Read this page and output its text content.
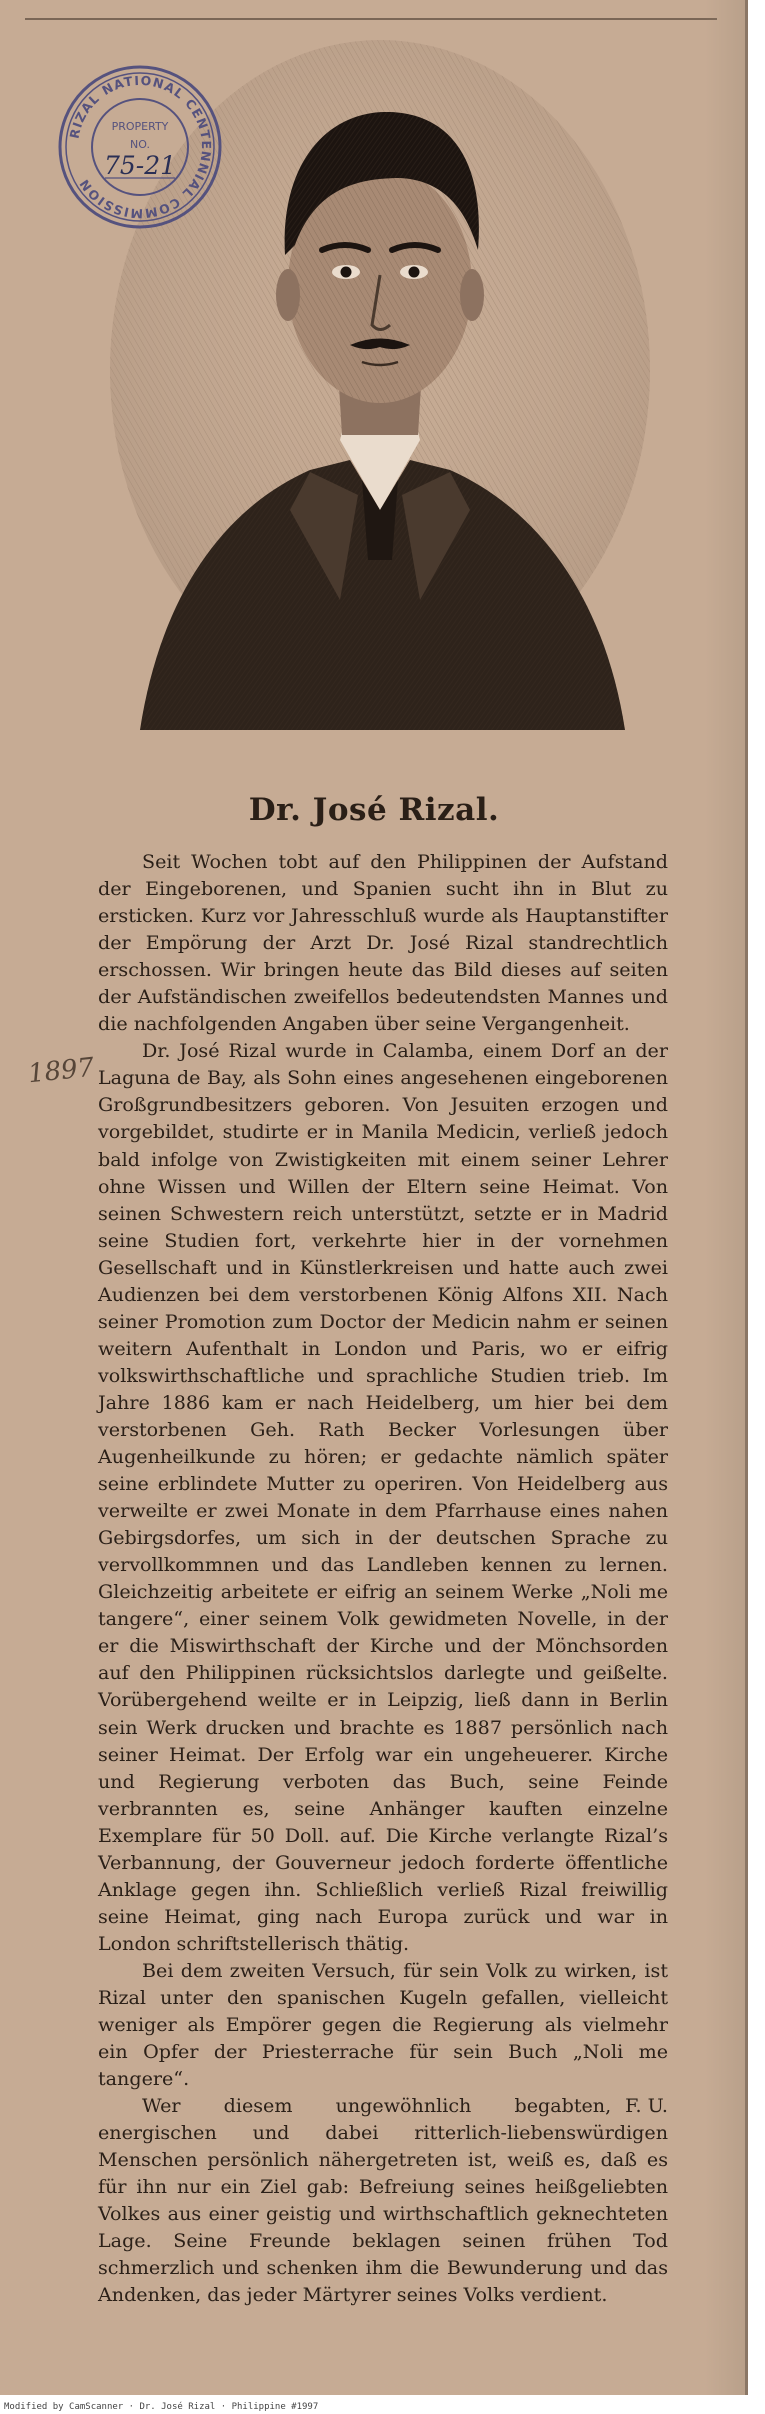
RIZAL NATIONAL CENTENNIAL COMMISSION
PROPERTY
NO.
75-21
Dr. José Rizal.
1897

Seit Wochen tobt auf den Philippinen der Aufstand der Eingeborenen, und Spanien sucht ihn in Blut zu ersticken. Kurz vor Jahresschluß wurde als Hauptanstifter der Empörung der Arzt Dr. José Rizal standrechtlich erschossen. Wir bringen heute das Bild dieses auf seiten der Aufständischen zweifellos bedeutendsten Mannes und die nachfolgenden Angaben über seine Vergangenheit.

Dr. José Rizal wurde in Calamba, einem Dorf an der Laguna de Bay, als Sohn eines angesehenen eingeborenen Großgrundbesitzers geboren. Von Jesuiten erzogen und vorgebildet, studirte er in Manila Medicin, verließ jedoch bald infolge von Zwistigkeiten mit einem seiner Lehrer ohne Wissen und Willen der Eltern seine Heimat. Von seinen Schwestern reich unterstützt, setzte er in Madrid seine Studien fort, verkehrte hier in der vornehmen Gesellschaft und in Künstlerkreisen und hatte auch zwei Audienzen bei dem verstorbenen König Alfons XII. Nach seiner Promotion zum Doctor der Medicin nahm er seinen weitern Aufenthalt in London und Paris, wo er eifrig volkswirthschaftliche und sprachliche Studien trieb. Im Jahre 1886 kam er nach Heidelberg, um hier bei dem verstorbenen Geh. Rath Becker Vorlesungen über Augenheilkunde zu hören; er gedachte nämlich später seine erblindete Mutter zu operiren. Von Heidelberg aus verweilte er zwei Monate in dem Pfarrhause eines nahen Gebirgsdorfes, um sich in der deutschen Sprache zu vervollkommnen und das Landleben kennen zu lernen. Gleichzeitig arbeitete er eifrig an seinem Werke „Noli me tangere“, einer seinem Volk gewidmeten Novelle, in der er die Miswirthschaft der Kirche und der Mönchsorden auf den Philippinen rücksichtslos darlegte und geißelte. Vorübergehend weilte er in Leipzig, ließ dann in Berlin sein Werk drucken und brachte es 1887 persönlich nach seiner Heimat. Der Erfolg war ein ungeheuerer. Kirche und Regierung verboten das Buch, seine Feinde verbrannten es, seine Anhänger kauften einzelne Exemplare für 50 Doll. auf. Die Kirche verlangte Rizal’s Verbannung, der Gouverneur jedoch forderte öffentliche Anklage gegen ihn. Schließlich verließ Rizal freiwillig seine Heimat, ging nach Europa zurück und war in London schriftstellerisch thätig.

Bei dem zweiten Versuch, für sein Volk zu wirken, ist Rizal unter den spanischen Kugeln gefallen, vielleicht weniger als Empörer gegen die Regierung als vielmehr ein Opfer der Priesterrache für sein Buch „Noli me tangere“.

F. U.
Wer diesem ungewöhnlich begabten, energischen und dabei ritterlich-liebenswürdigen Menschen persönlich nähergetreten ist, weiß es, daß es für ihn nur ein Ziel gab: Befreiung seines heißgeliebten Volkes aus einer geistig und wirthschaftlich geknechteten Lage. Seine Freunde beklagen seinen frühen Tod schmerzlich und schenken ihm die Bewunderung und das Andenken, das jeder Märtyrer seines Volks verdient.

Modified by CamScanner · Dr. José Rizal · Philippine #1997
